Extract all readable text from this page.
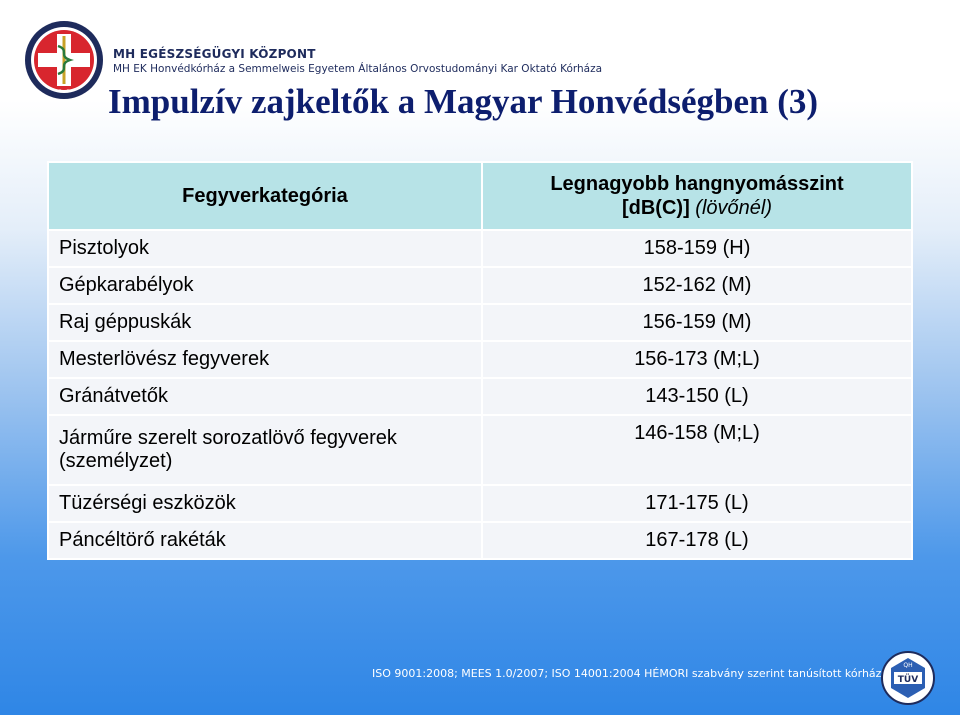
MH EGÉSZSÉGÜGYI KÖZPONT
MH EK Honvédkórház a Semmelweis Egyetem Általános Orvostudományi Kar Oktató Kórháza
Impulzív zajkeltők a Magyar Honvédségben (3)
Fegyverkategória	Legnagyobb hangnyomásszint
[dB(C)] (lövőnél)
Pisztolyok	158-159 (H)
Gépkarabélyok	152-162 (M)
Raj géppuskák	156-159 (M)
Mesterlövész fegyverek	156-173 (M;L)
Gránátvetők	143-150 (L)
Járműre szerelt sorozatlövő fegyverek (személyzet)	146-158 (M;L)
Tüzérségi eszközök	171-175 (L)
Páncéltörő rakéták	167-178 (L)
ISO 9001:2008; MEES 1.0/2007; ISO 14001:2004 HÉMORI szabvány szerint tanúsított kórház TÜV
QH
